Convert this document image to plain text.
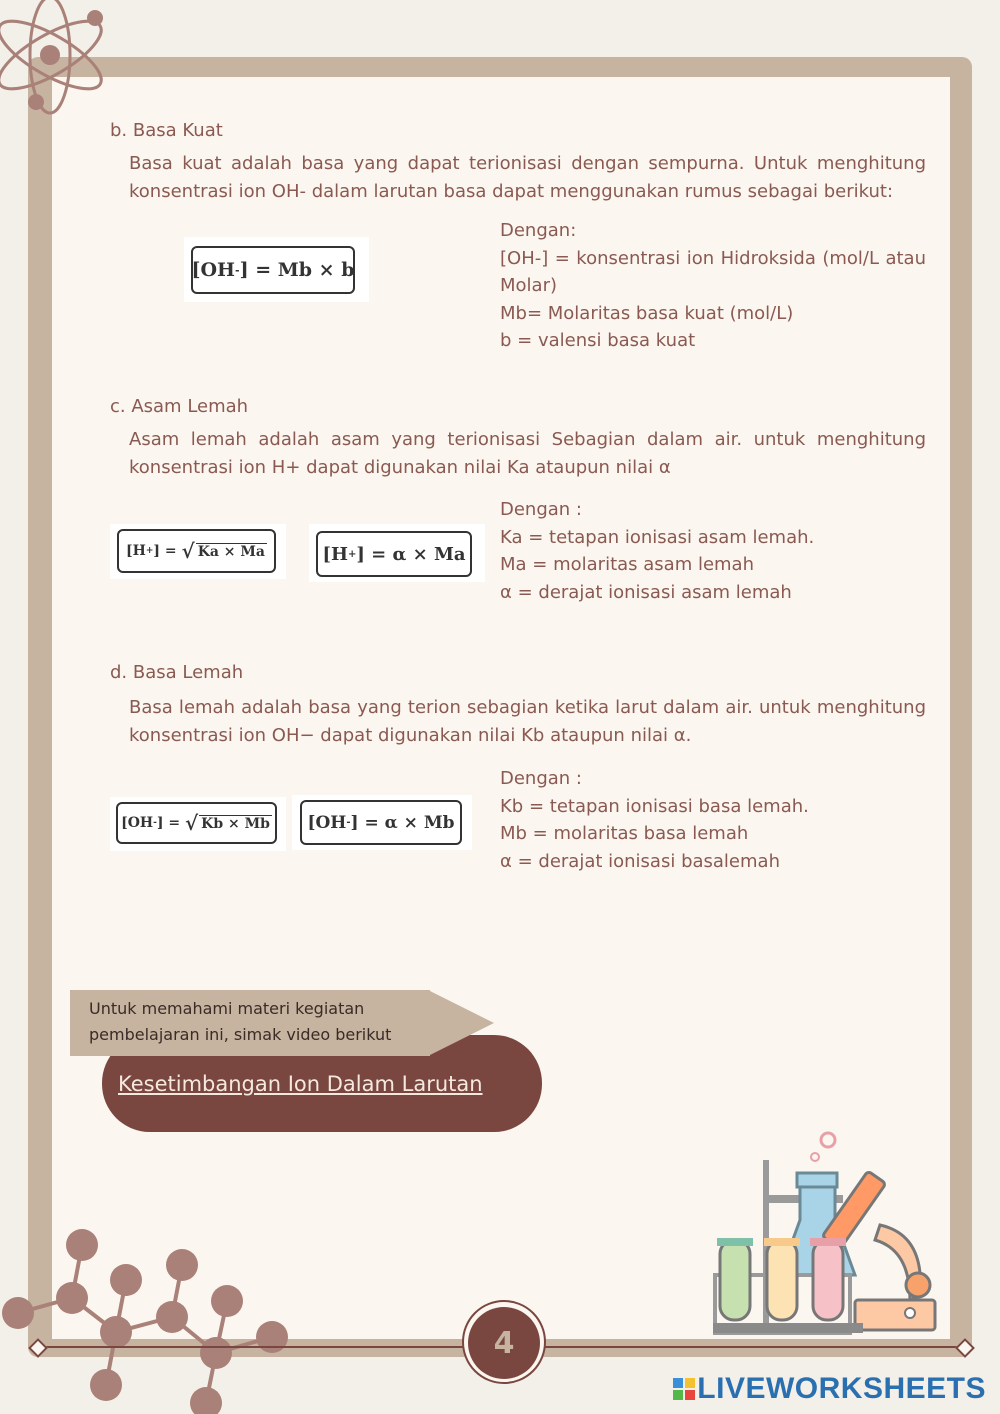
b. Basa Kuat
Basa kuat adalah basa yang dapat terionisasi dengan sempurna. Untuk menghitung konsentrasi ion OH- dalam larutan basa dapat menggunakan rumus sebagai berikut:
[OH - ] = Mb × b
Dengan:
[OH-] = konsentrasi ion Hidroksida (mol/L atau Molar)
Mb= Molaritas basa kuat (mol/L)
b = valensi basa kuat
c. Asam Lemah
Asam lemah adalah asam yang terionisasi Sebagian dalam air. untuk menghitung konsentrasi ion H+ dapat digunakan nilai Ka ataupun nilai α
[H + ] = √ Ka × Ma	[H + ] = α × Ma
Dengan :
Ka = tetapan ionisasi asam lemah.
Ma = molaritas asam lemah
α = derajat ionisasi asam lemah
d. Basa Lemah
Basa lemah adalah basa yang terion sebagian ketika larut dalam air. untuk menghitung konsentrasi ion OH− dapat digunakan nilai Kb ataupun nilai α.
[OH - ] = √ Kb × Mb [OH - ] = α × Mb
Dengan :
Kb = tetapan ionisasi basa lemah.
Mb = molaritas basa lemah
α = derajat ionisasi basalemah
Untuk memahami materi kegiatan pembelajaran ini, simak video berikut
Kesetimbangan Ion Dalam Larutan
4
LIVEWORKSHEETS
